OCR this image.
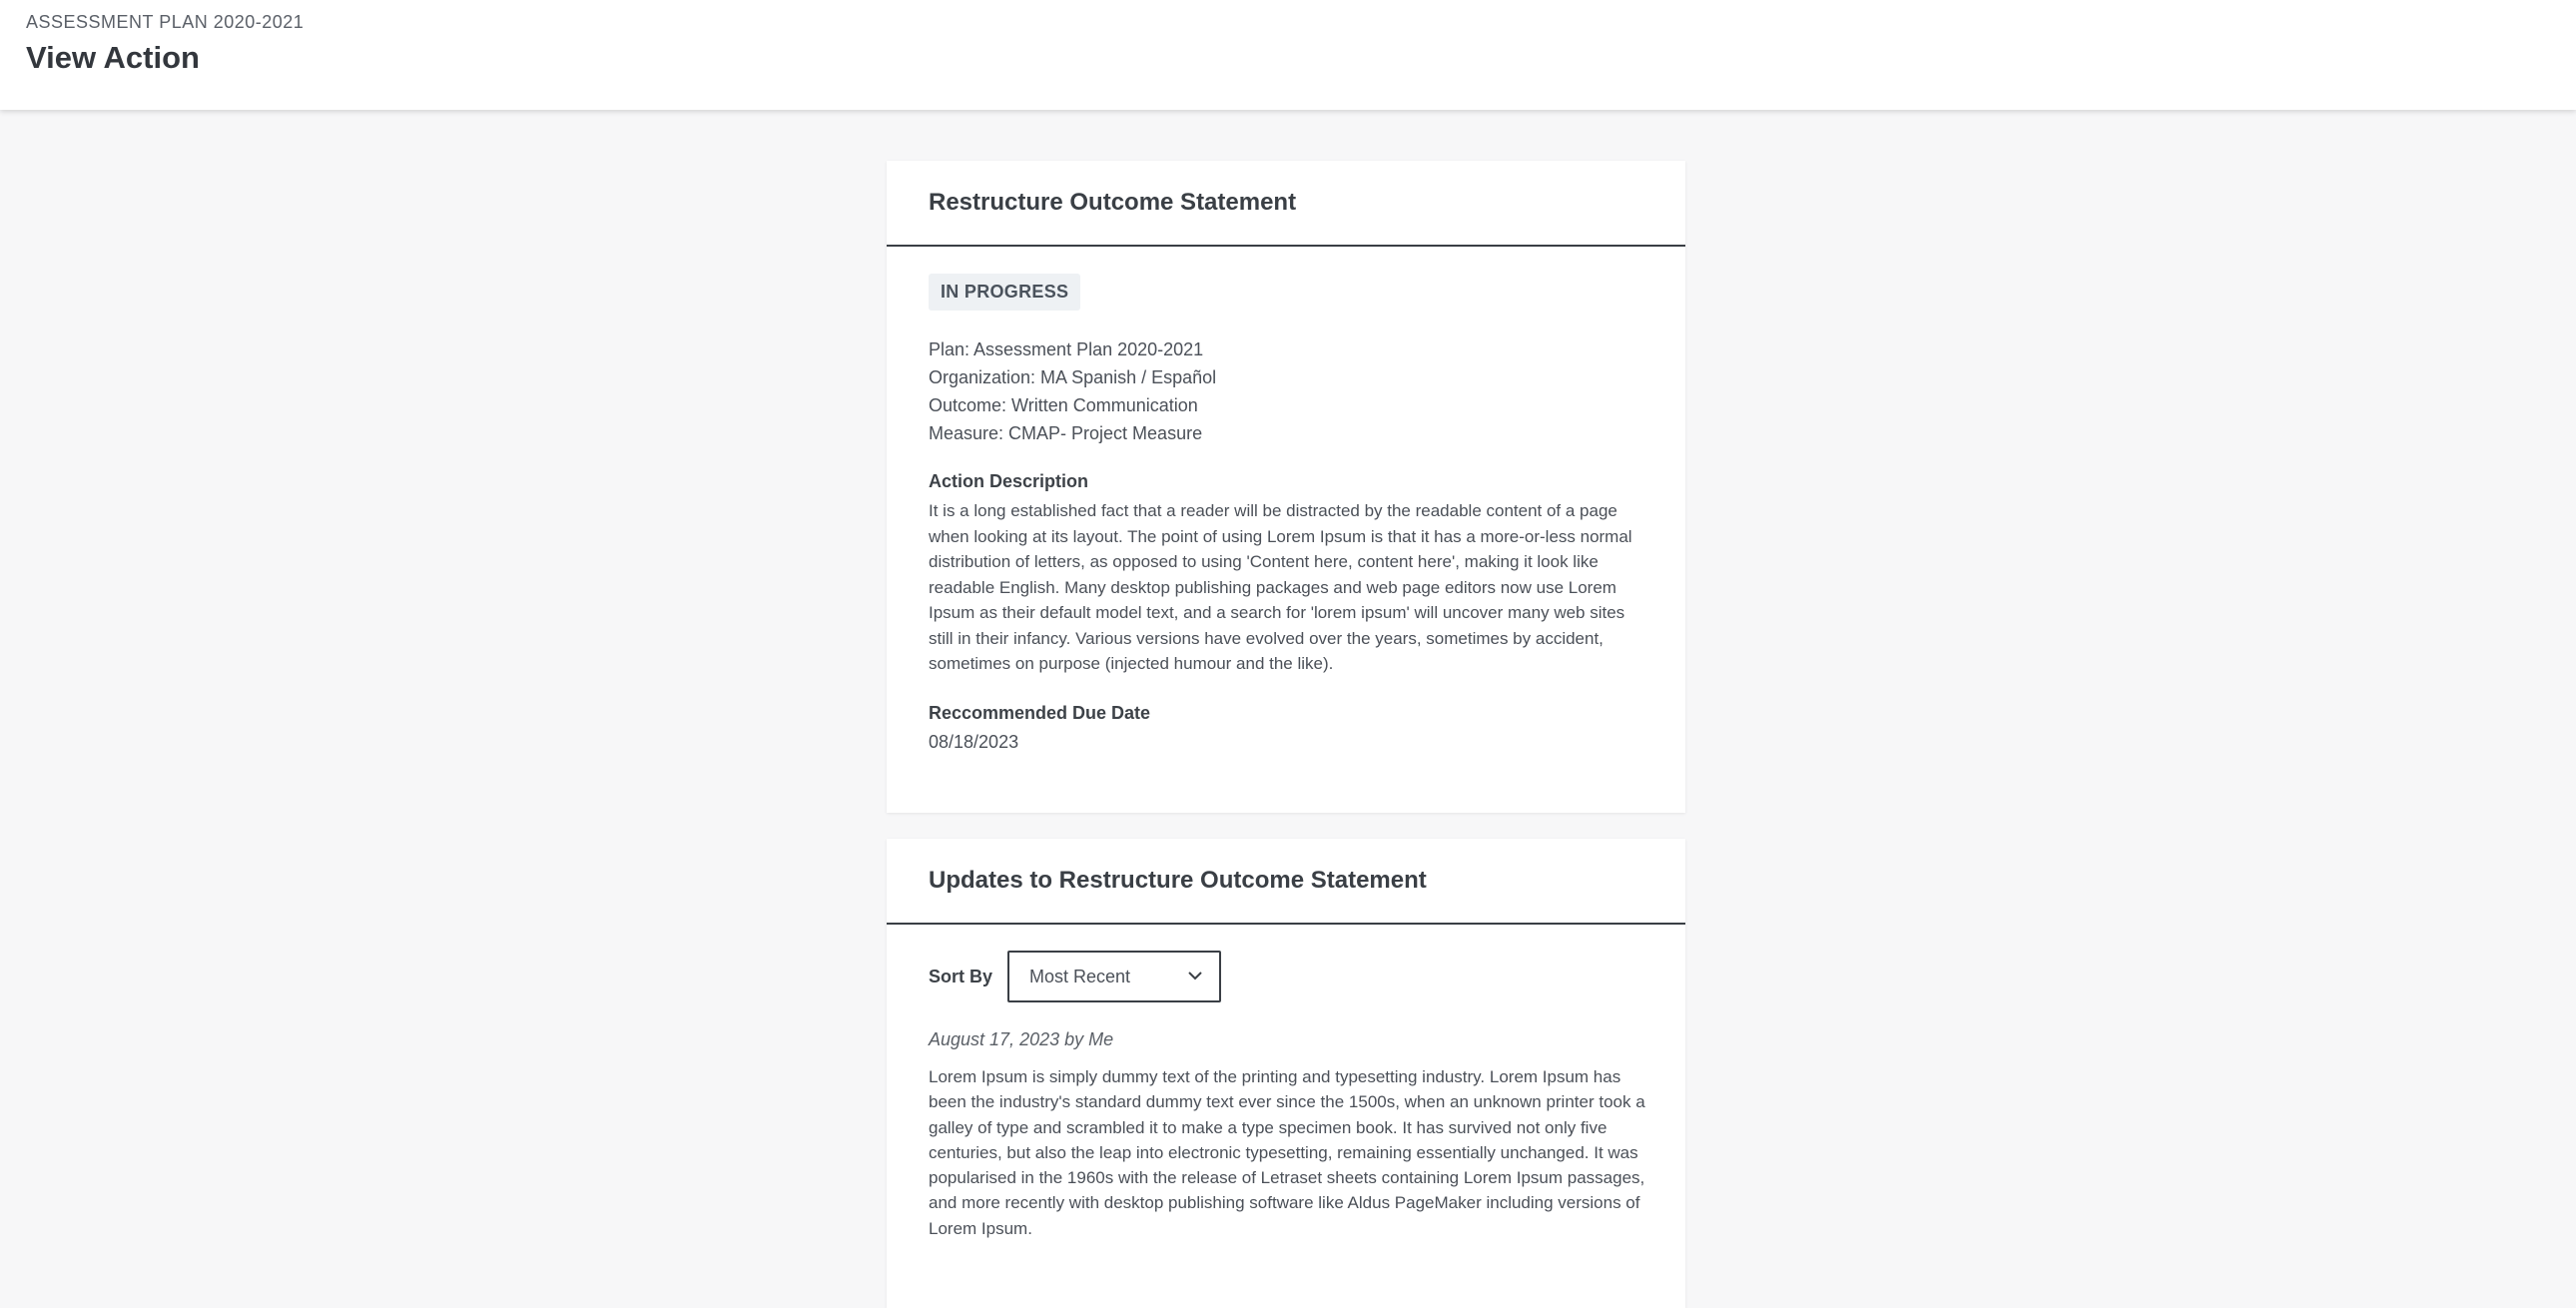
ASSESSMENT PLAN 2020-2021
View Action
Restructure Outcome Statement
IN PROGRESS
Plan: Assessment Plan 2020-2021
Organization: MA Spanish / Español
Outcome: Written Communication
Measure: CMAP- Project Measure
Action Description
It is a long established fact that a reader will be distracted by the readable content of a page when looking at its layout. The point of using Lorem Ipsum is that it has a more-or-less normal distribution of letters, as opposed to using 'Content here, content here', making it look like readable English. Many desktop publishing packages and web page editors now use Lorem Ipsum as their default model text, and a search for 'lorem ipsum' will uncover many web sites still in their infancy. Various versions have evolved over the years, sometimes by accident, sometimes on purpose (injected humour and the like).
Reccommended Due Date
08/18/2023
Updates to Restructure Outcome Statement
Sort By Most Recent
August 17, 2023 by Me
Lorem Ipsum is simply dummy text of the printing and typesetting industry. Lorem Ipsum has been the industry's standard dummy text ever since the 1500s, when an unknown printer took a galley of type and scrambled it to make a type specimen book. It has survived not only five centuries, but also the leap into electronic typesetting, remaining essentially unchanged. It was popularised in the 1960s with the release of Letraset sheets containing Lorem Ipsum passages, and more recently with desktop publishing software like Aldus PageMaker including versions of Lorem Ipsum.
